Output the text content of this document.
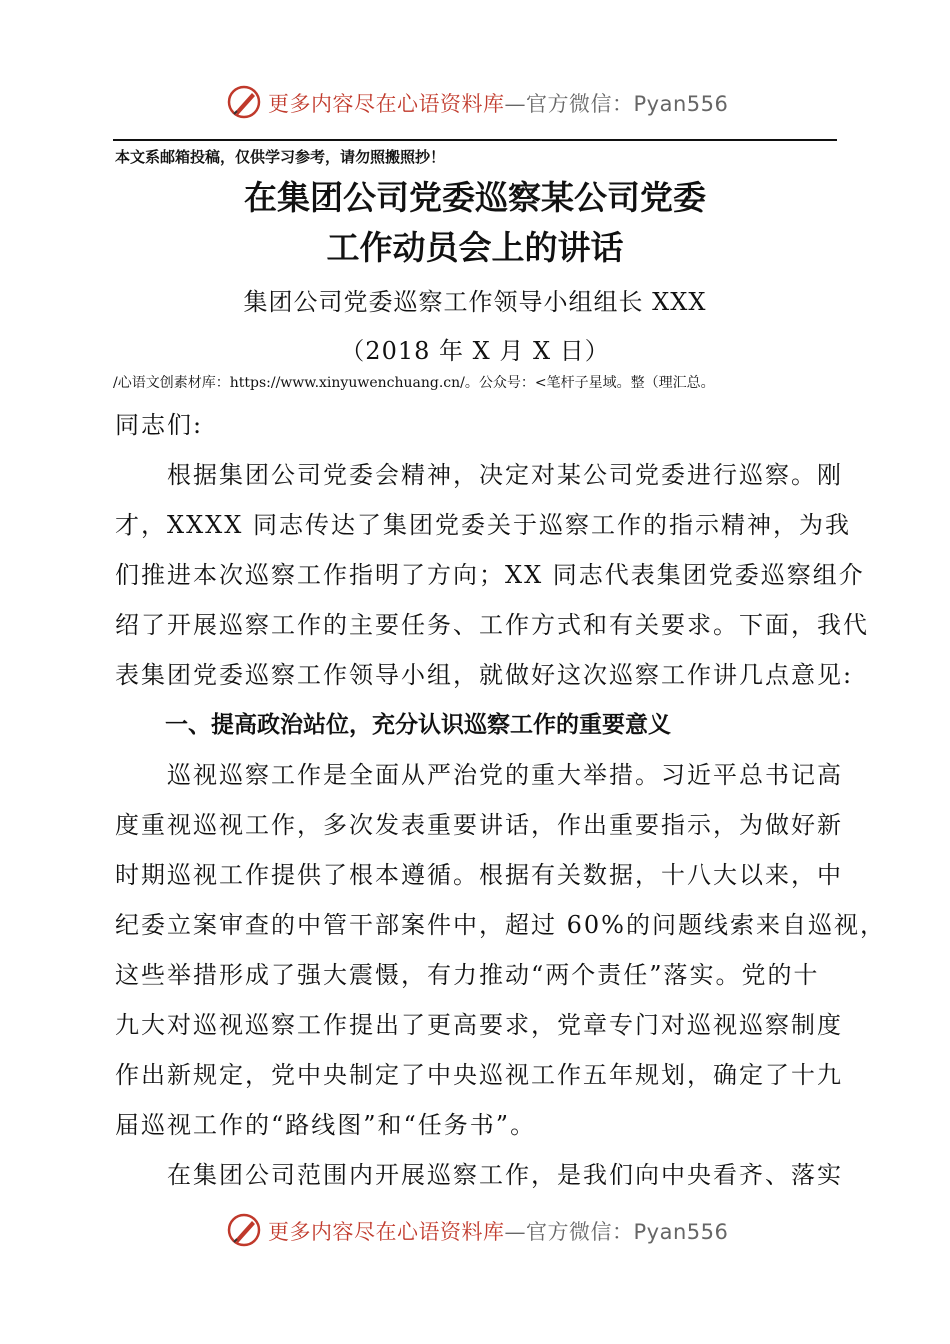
更多内容尽在心语资料库—官方微信：Pyan556
本文系邮箱投稿，仅供学习参考，请勿照搬照抄！
在集团公司党委巡察某公司党委
工作动员会上的讲话
集团公司党委巡察工作领导小组组长 XXX
（2018 年 X 月 X 日）
/心语文创素材库：https://www.xinyuwenchuang.cn/。公众号：<笔杆子星域。整（理汇总。
同志们:
　　根据集团公司党委会精神，决定对某公司党委进行巡察。刚
才，XXXX 同志传达了集团党委关于巡察工作的指示精神，为我
们推进本次巡察工作指明了方向；XX 同志代表集团党委巡察组介
绍了开展巡察工作的主要任务、工作方式和有关要求。下面，我代
表集团党委巡察工作领导小组，就做好这次巡察工作讲几点意见:
一、提高政治站位，充分认识巡察工作的重要意义
　　巡视巡察工作是全面从严治党的重大举措。习近平总书记高
度重视巡视工作，多次发表重要讲话，作出重要指示，为做好新
时期巡视工作提供了根本遵循。根据有关数据，十八大以来，中
纪委立案审查的中管干部案件中，超过 60%的问题线索来自巡视，
这些举措形成了强大震慑，有力推动“两个责任”落实。党的十
九大对巡视巡察工作提出了更高要求，党章专门对巡视巡察制度
作出新规定，党中央制定了中央巡视工作五年规划，确定了十九
届巡视工作的“路线图”和“任务书”。
　　在集团公司范围内开展巡察工作，是我们向中央看齐、落实
更多内容尽在心语资料库—官方微信：Pyan556
